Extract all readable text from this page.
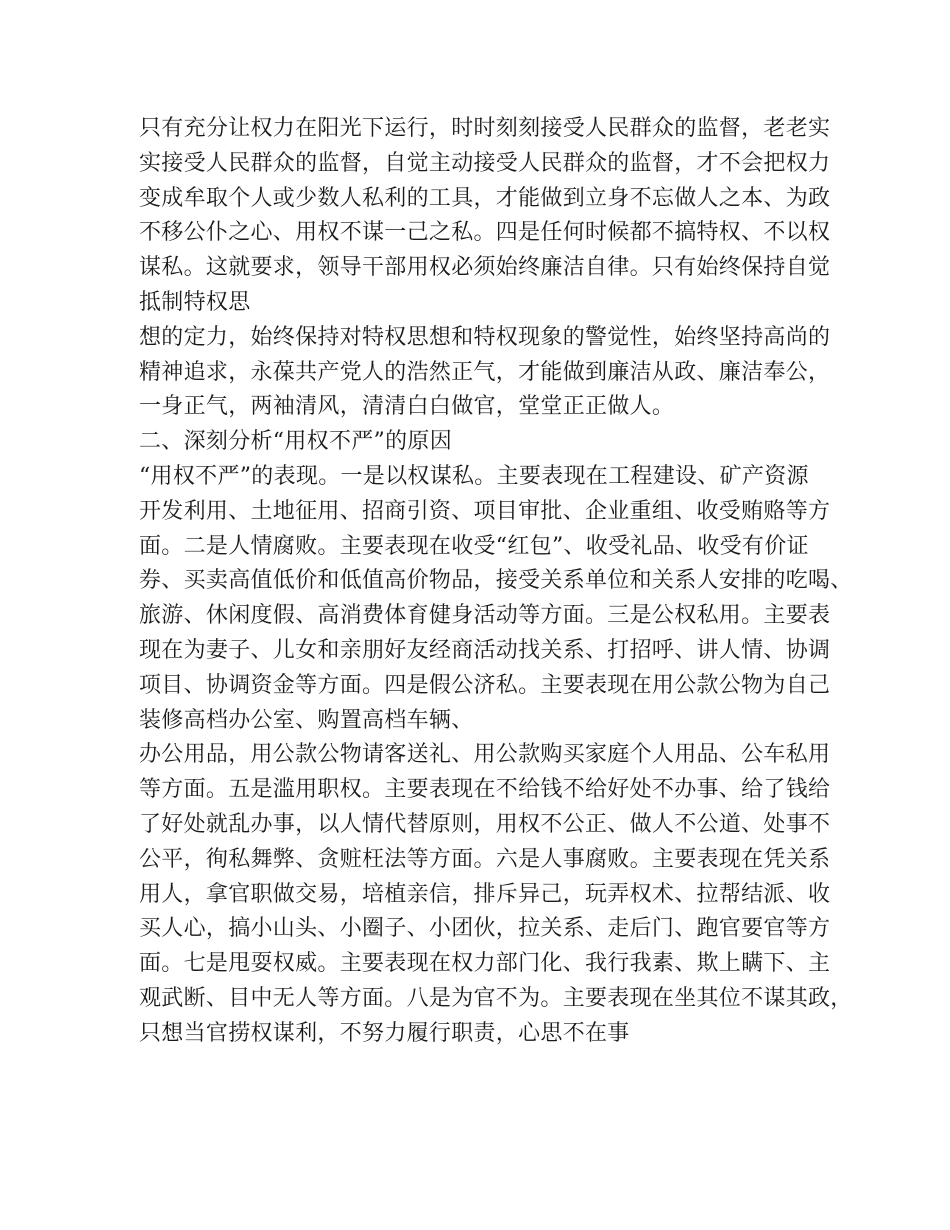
只有充分让权力在阳光下运行，时时刻刻接受人民群众的监督，老老实
实接受人民群众的监督，自觉主动接受人民群众的监督，才不会把权力
变成牟取个人或少数人私利的工具，才能做到立身不忘做人之本、为政
不移公仆之心、用权不谋一己之私。四是任何时候都不搞特权、不以权
谋私。这就要求，领导干部用权必须始终廉洁自律。只有始终保持自觉
抵制特权思
想的定力，始终保持对特权思想和特权现象的警觉性，始终坚持高尚的
精神追求，永葆共产党人的浩然正气，才能做到廉洁从政、廉洁奉公，
一身正气，两袖清风，清清白白做官，堂堂正正做人。
二、深刻分析“用权不严”的原因
“用权不严”的表现。一是以权谋私。主要表现在工程建设、矿产资源
开发利用、土地征用、招商引资、项目审批、企业重组、收受贿赂等方
面。二是人情腐败。主要表现在收受“红包”、收受礼品、收受有价证
券、买卖高值低价和低值高价物品，接受关系单位和关系人安排的吃喝、
旅游、休闲度假、高消费体育健身活动等方面。三是公权私用。主要表
现在为妻子、儿女和亲朋好友经商活动找关系、打招呼、讲人情、协调
项目、协调资金等方面。四是假公济私。主要表现在用公款公物为自己
装修高档办公室、购置高档车辆、
办公用品，用公款公物请客送礼、用公款购买家庭个人用品、公车私用
等方面。五是滥用职权。主要表现在不给钱不给好处不办事、给了钱给
了好处就乱办事，以人情代替原则，用权不公正、做人不公道、处事不
公平，徇私舞弊、贪赃枉法等方面。六是人事腐败。主要表现在凭关系
用人，拿官职做交易，培植亲信，排斥异己，玩弄权术、拉帮结派、收
买人心，搞小山头、小圈子、小团伙，拉关系、走后门、跑官要官等方
面。七是甩耍权威。主要表现在权力部门化、我行我素、欺上瞒下、主
观武断、目中无人等方面。八是为官不为。主要表现在坐其位不谋其政，
只想当官捞权谋利，不努力履行职责，心思不在事
